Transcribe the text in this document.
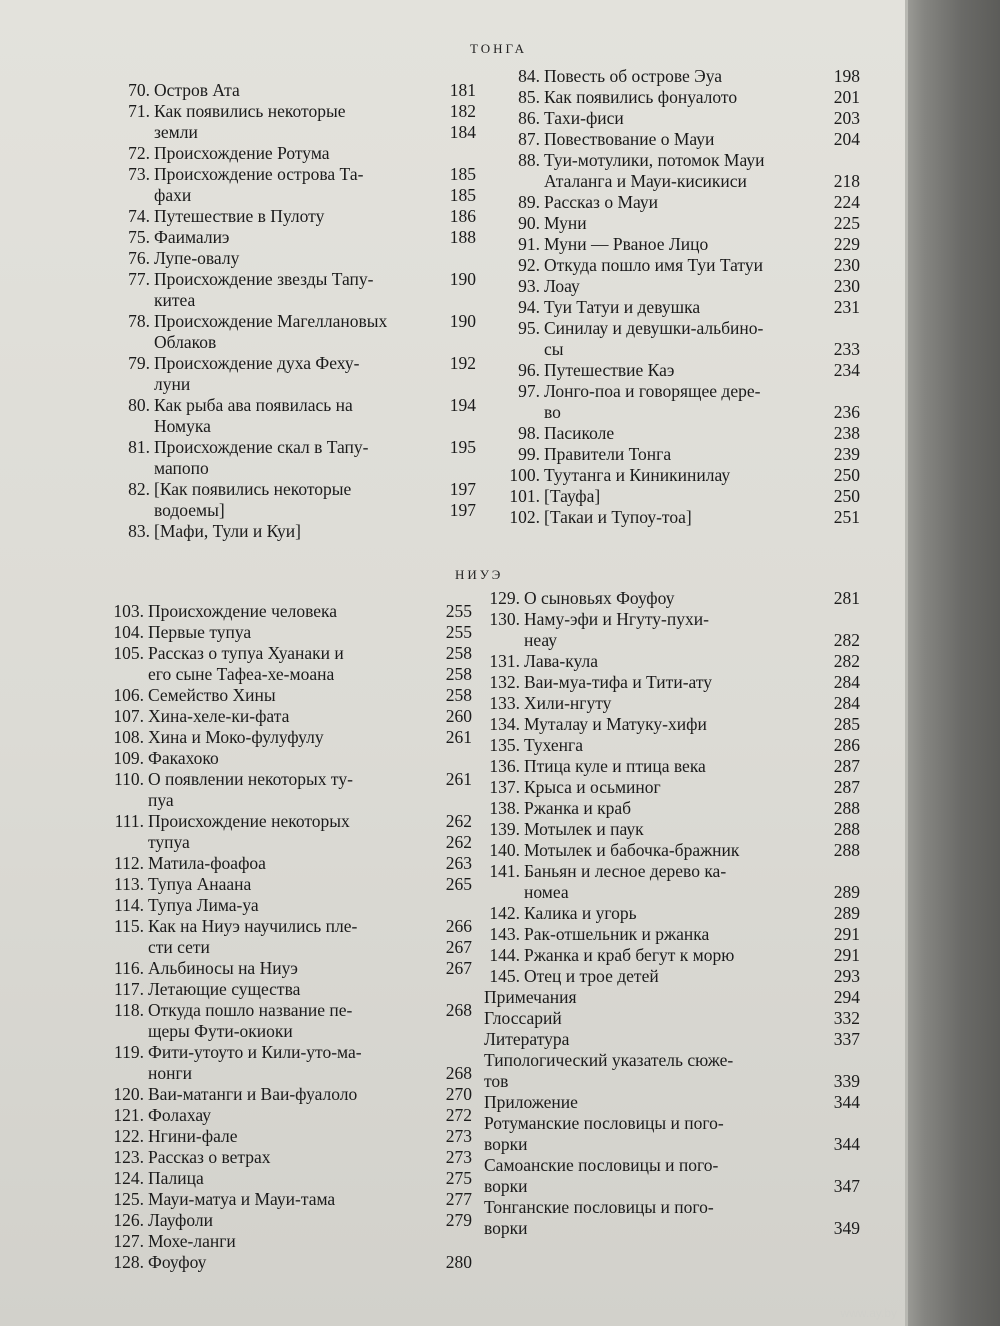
ТОНГА
70. Остров Ата	181
71. Как появились некоторые	182
земли	184
72. Происхождение Ротума
73. Происхождение острова Та-	185
фахи	185
74. Путешествие в Пулоту	186
75. Фаималиэ	188
76. Лупе-овалу
77. Происхождение звезды Тапу-	190
китеа
78. Происхождение Магеллановых	190
Облаков
79. Происхождение духа Феху-	192
луни
80. Как рыба ава появилась на	194
Номука
81. Происхождение скал в Тапу-	195
мапопо
82. [Как появились некоторые	197
водоемы]	197
83. [Мафи, Тули и Куи]
84. Повесть об острове Эуа	198
85. Как появились фонуалото	201
86. Тахи-фиси	203
87. Повествование о Мауи	204
88. Туи-мотулики, потомок Мауи
Аталанга и Мауи-кисикиси	218
89. Рассказ о Мауи	224
90. Муни	225
91. Муни — Рваное Лицо	229
92. Откуда пошло имя Туи Татуи	230
93. Лоау	230
94. Туи Татуи и девушка	231
95. Синилау и девушки-альбино-
сы	233
96. Путешествие Каэ	234
97. Лонго-поа и говорящее дере-
во	236
98. Пасиколе	238
99. Правители Тонга	239
100. Туутанга и Киникинилау	250
101. [Тауфа]	250
102. [Такаи и Тупоу-тоа]	251
НИУЭ
103. Происхождение человека	255
104. Первые тупуа	255
105. Рассказ о тупуа Хуанаки и	258
его сыне Тафеа-хе-моана	258
106. Семейство Хины	258
107. Хина-хеле-ки-фата	260
108. Хина и Моко-фулуфулу	261
109. Факахоко
110. О появлении некоторых ту-	261
пуа
111. Происхождение некоторых	262
тупуа	262
112. Матила-фоафоа	263
113. Тупуа Анаана	265
114. Тупуа Лима-уа
115. Как на Ниуэ научились пле-	266
сти сети	267
116. Альбиносы на Ниуэ	267
117. Летающие существа
118. Откуда пошло название пе-	268
щеры Фути-окиоки
119. Фити-утоуто и Кили-уто-ма-
нонги	268
120. Ваи-матанги и Ваи-фуалоло	270
121. Фолахау	272
122. Нгини-фале	273
123. Рассказ о ветрах	273
124. Палица	275
125. Мауи-матуа и Мауи-тама	277
126. Лауфоли	279
127. Мохе-ланги
128. Фоуфоу	280
129. О сыновьях Фоуфоу	281
130. Наму-эфи и Нгуту-пухи-
неау	282
131. Лава-кула	282
132. Ваи-муа-тифа и Тити-ату	284
133. Хили-нгуту	284
134. Муталау и Матуку-хифи	285
135. Тухенга	286
136. Птица куле и птица века	287
137. Крыса и осьминог	287
138. Ржанка и краб	288
139. Мотылек и паук	288
140. Мотылек и бабочка-бражник	288
141. Баньян и лесное дерево ка-
номеа	289
142. Калика и угорь	289
143. Рак-отшельник и ржанка	291
144. Ржанка и краб бегут к морю	291
145. Отец и трое детей	293
Примечания	294
Глоссарий	332
Литература	337
Типологический указатель сюже-
тов	339
Приложение	344
Ротуманские пословицы и пого-
ворки	344
Самоанские пословицы и пого-
ворки	347
Тонганские пословицы и пого-
ворки	349
www.ay.by
